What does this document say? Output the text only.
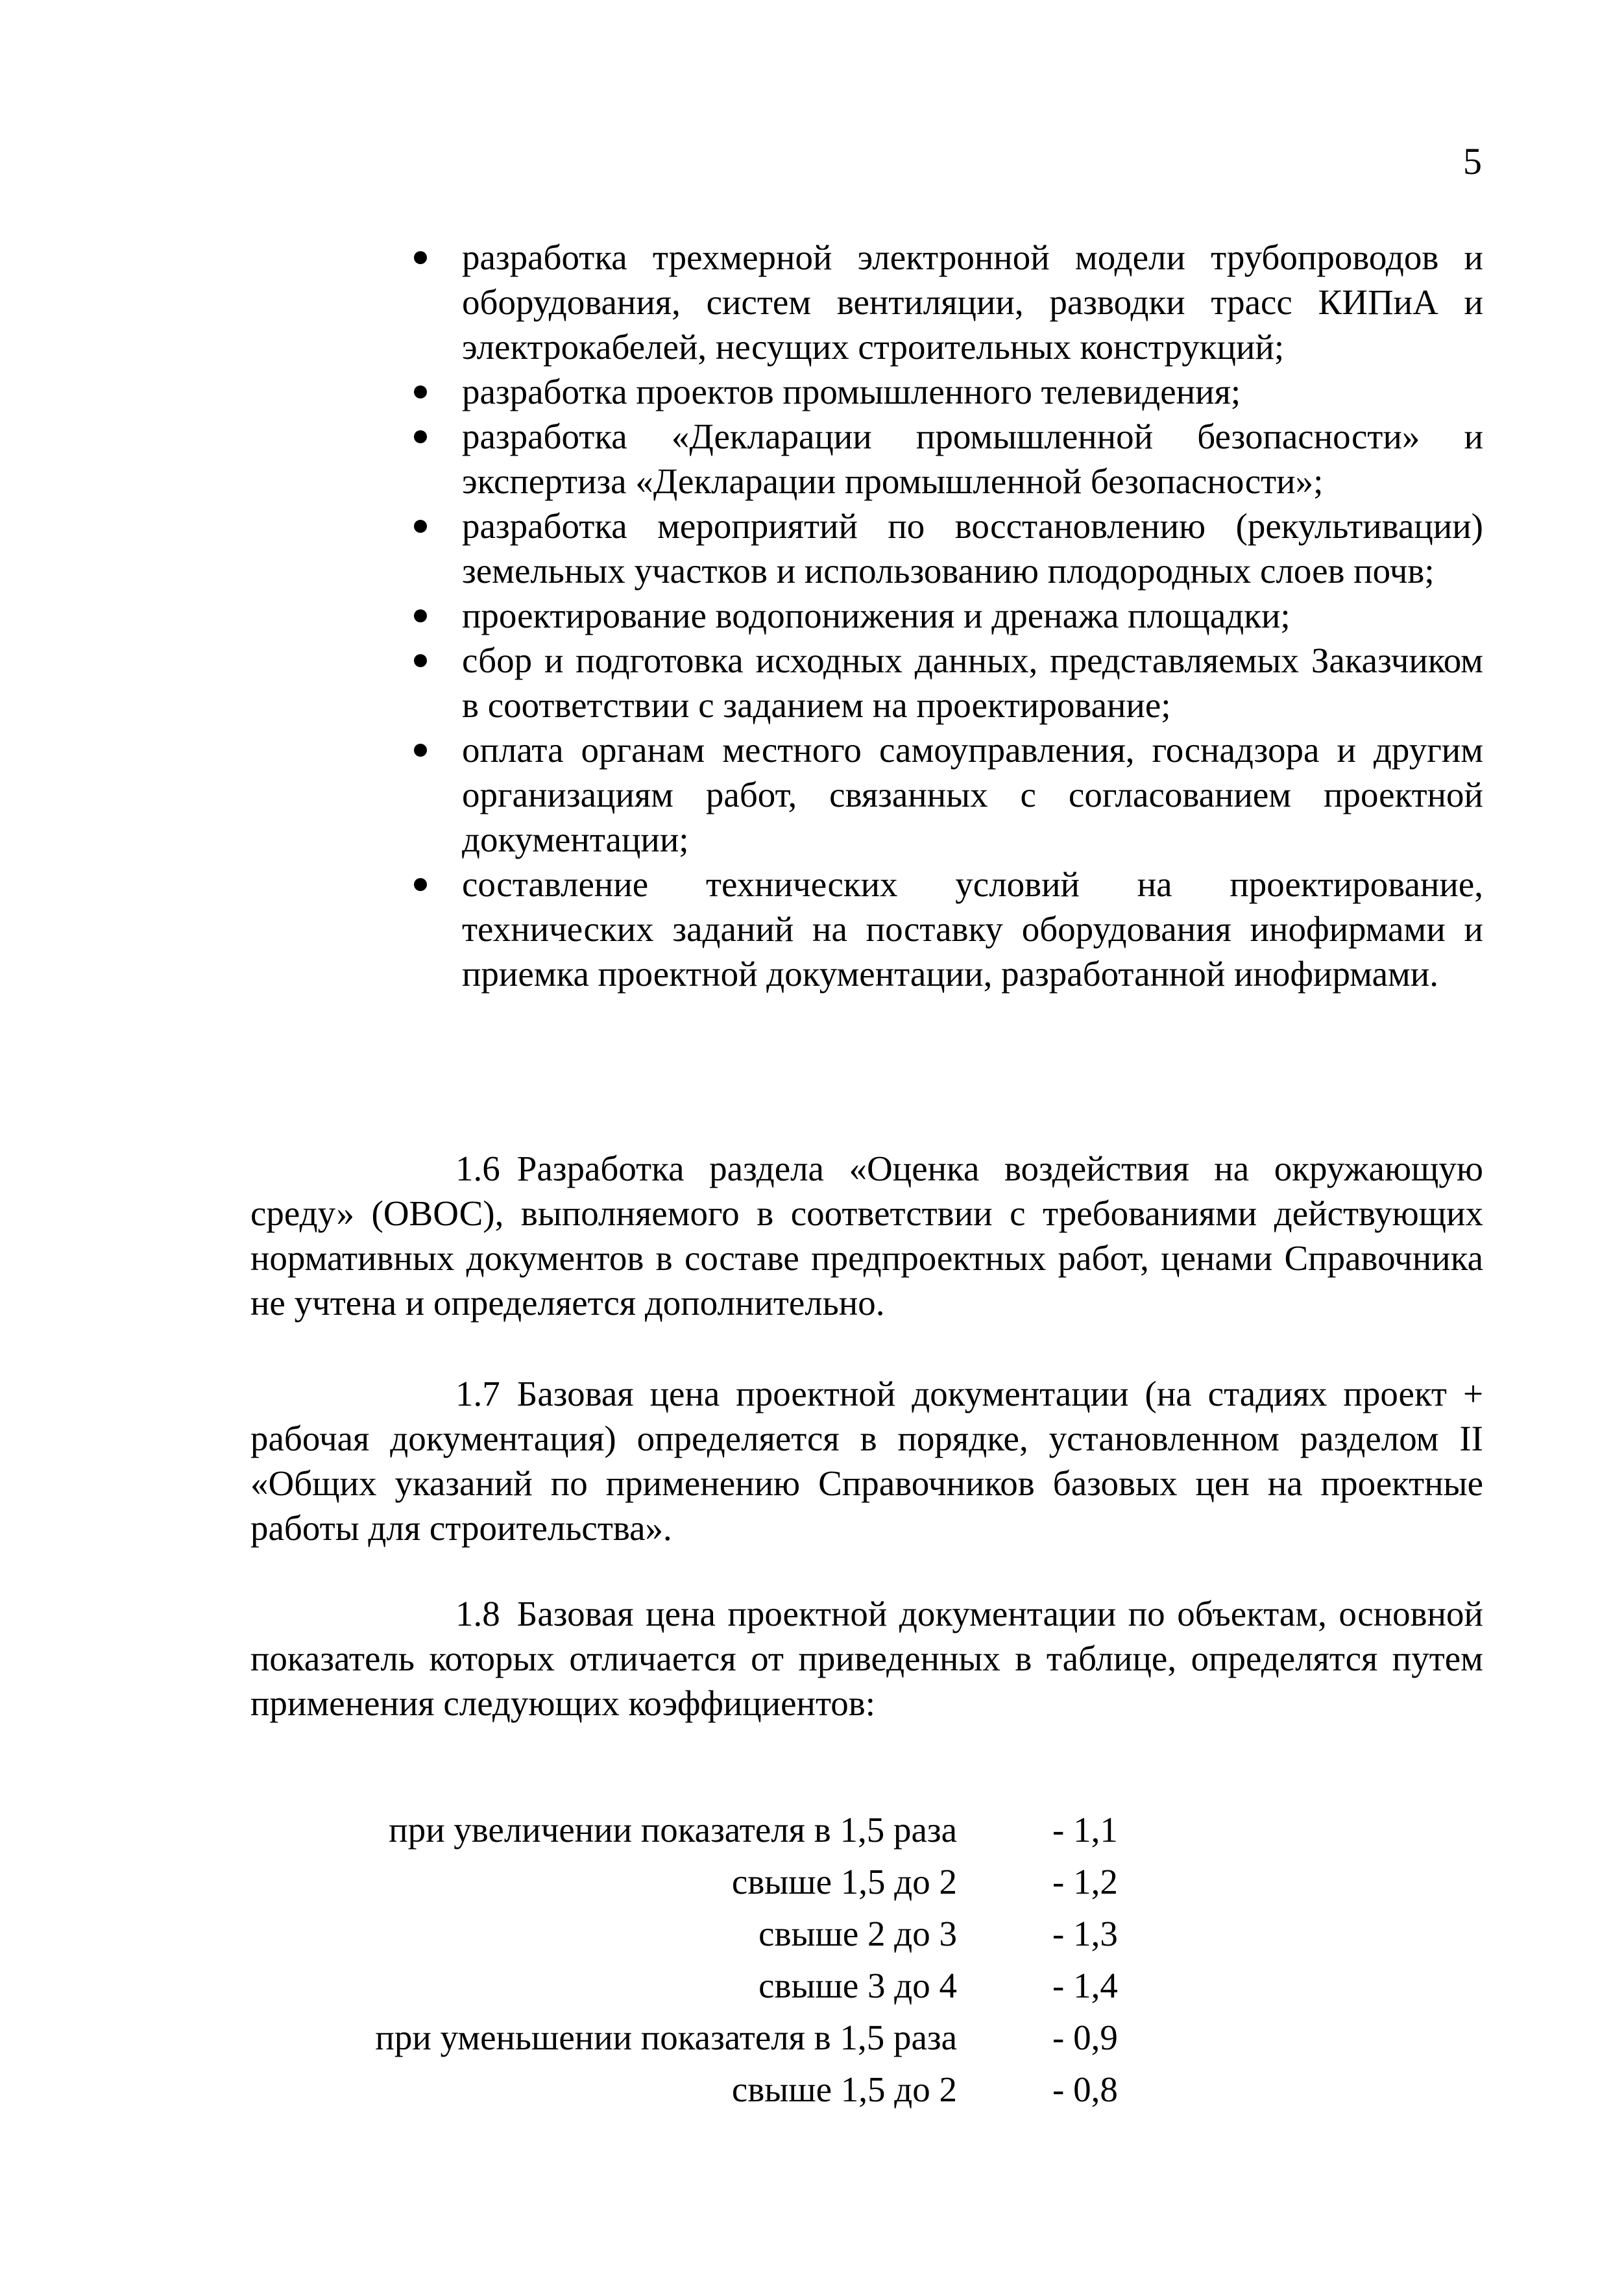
5
разработка трехмерной электронной модели трубопроводов и оборудования, систем вентиляции, разводки трасс КИПиА и электрокабелей, несущих строительных конструкций;
разработка проектов промышленного телевидения;
разработка «Декларации промышленной безопасности» и экспертиза «Декларации промышленной безопасности»;
разработка мероприятий по восстановлению (рекультивации) земельных участков и использованию плодородных слоев почв;
проектирование водопонижения и дренажа площадки;
сбор и подготовка исходных данных, представляемых Заказчиком в соответствии с заданием на проектирование;
оплата органам местного самоуправления, госнадзора и другим организациям работ, связанных с согласованием проектной документации;
составление технических условий на проектирование, технических заданий на поставку оборудования инофирмами и приемка проектной документации, разработанной инофирмами.

1.6 Разработка раздела «Оценка воздействия на окружающую среду» (ОВОС), выполняемого в соответствии с требованиями действующих нормативных документов в составе предпроектных работ, ценами Справочника не учтена и определяется дополнительно.

1.7 Базовая цена проектной документации (на стадиях проект + рабочая документация) определяется в порядке, установленном разделом II «Общих указаний по применению Справочников базовых цен на проектные работы для строительства».

1.8 Базовая цена проектной документации по объектам, основной показатель которых отличается от приведенных в таблице, определятся путем применения следующих коэффициентов:

при увеличении показателя в 1,5 раза	- 1,1
свыше 1,5 до 2	- 1,2
свыше 2 до 3	- 1,3
свыше 3 до 4	- 1,4
при уменьшении показателя в 1,5 раза	- 0,9
свыше 1,5 до 2	- 0,8
